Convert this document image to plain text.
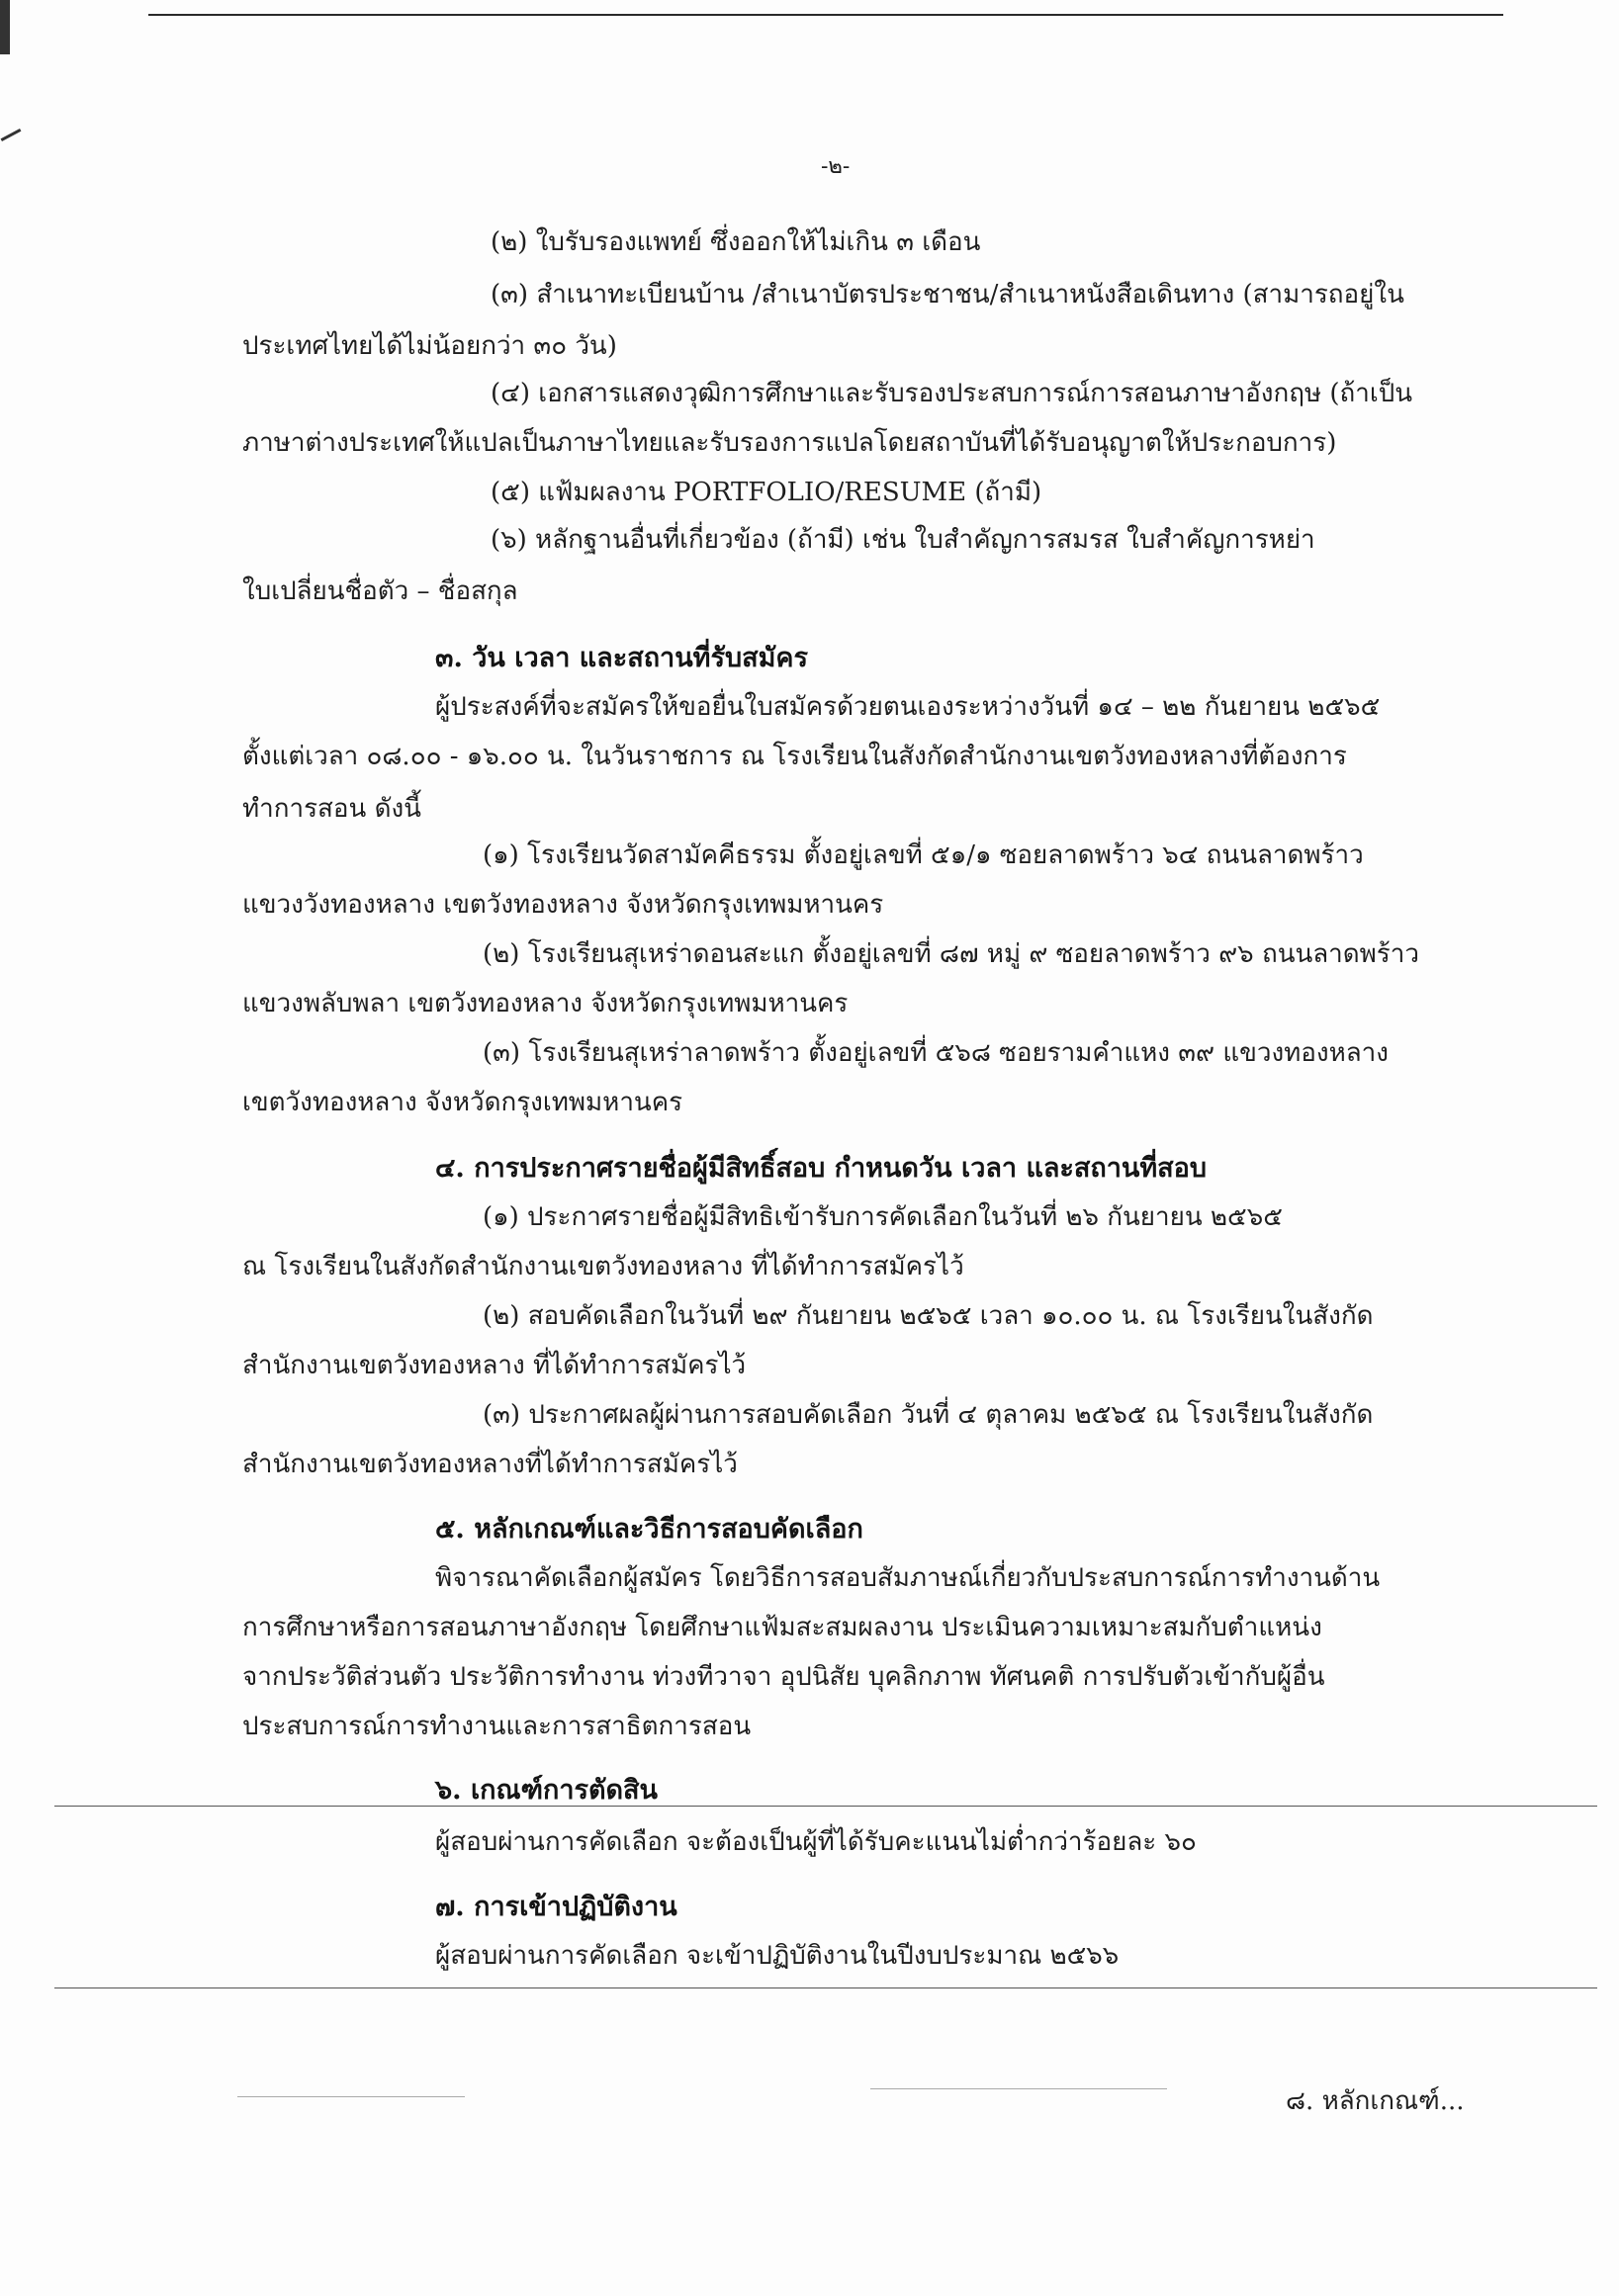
-๒-
(๒) ใบรับรองแพทย์ ซึ่งออกให้ไม่เกิน ๓ เดือน
(๓) สำเนาทะเบียนบ้าน /สำเนาบัตรประชาชน/สำเนาหนังสือเดินทาง (สามารถอยู่ใน
ประเทศไทยได้ไม่น้อยกว่า ๓๐ วัน)
(๔) เอกสารแสดงวุฒิการศึกษาและรับรองประสบการณ์การสอนภาษาอังกฤษ (ถ้าเป็น
ภาษาต่างประเทศให้แปลเป็นภาษาไทยและรับรองการแปลโดยสถาบันที่ได้รับอนุญาตให้ประกอบการ)
(๕) แฟ้มผลงาน PORTFOLIO/RESUME (ถ้ามี)
(๖) หลักฐานอื่นที่เกี่ยวข้อง (ถ้ามี) เช่น ใบสำคัญการสมรส ใบสำคัญการหย่า
ใบเปลี่ยนชื่อตัว – ชื่อสกุล
๓. วัน เวลา และสถานที่รับสมัคร
ผู้ประสงค์ที่จะสมัครให้ขอยื่นใบสมัครด้วยตนเองระหว่างวันที่ ๑๔ – ๒๒ กันยายน ๒๕๖๕
ตั้งแต่เวลา ๐๘.๐๐ - ๑๖.๐๐ น. ในวันราชการ ณ โรงเรียนในสังกัดสำนักงานเขตวังทองหลางที่ต้องการ
ทำการสอน ดังนี้
(๑) โรงเรียนวัดสามัคคีธรรม ตั้งอยู่เลขที่ ๕๑/๑ ซอยลาดพร้าว ๖๔ ถนนลาดพร้าว
แขวงวังทองหลาง เขตวังทองหลาง จังหวัดกรุงเทพมหานคร
(๒) โรงเรียนสุเหร่าดอนสะแก ตั้งอยู่เลขที่ ๘๗ หมู่ ๙ ซอยลาดพร้าว ๙๖ ถนนลาดพร้าว
แขวงพลับพลา เขตวังทองหลาง จังหวัดกรุงเทพมหานคร
(๓) โรงเรียนสุเหร่าลาดพร้าว ตั้งอยู่เลขที่ ๕๖๘ ซอยรามคำแหง ๓๙ แขวงทองหลาง
เขตวังทองหลาง จังหวัดกรุงเทพมหานคร
๔. การประกาศรายชื่อผู้มีสิทธิ์สอบ กำหนดวัน เวลา และสถานที่สอบ
(๑) ประกาศรายชื่อผู้มีสิทธิเข้ารับการคัดเลือกในวันที่ ๒๖ กันยายน ๒๕๖๕
ณ โรงเรียนในสังกัดสำนักงานเขตวังทองหลาง ที่ได้ทำการสมัครไว้
(๒) สอบคัดเลือกในวันที่ ๒๙ กันยายน ๒๕๖๕ เวลา ๑๐.๐๐ น. ณ โรงเรียนในสังกัด
สำนักงานเขตวังทองหลาง ที่ได้ทำการสมัครไว้
(๓) ประกาศผลผู้ผ่านการสอบคัดเลือก วันที่ ๔ ตุลาคม ๒๕๖๕ ณ โรงเรียนในสังกัด
สำนักงานเขตวังทองหลางที่ได้ทำการสมัครไว้
๕. หลักเกณฑ์และวิธีการสอบคัดเลือก
พิจารณาคัดเลือกผู้สมัคร โดยวิธีการสอบสัมภาษณ์เกี่ยวกับประสบการณ์การทำงานด้าน
การศึกษาหรือการสอนภาษาอังกฤษ โดยศึกษาแฟ้มสะสมผลงาน ประเมินความเหมาะสมกับตำแหน่ง
จากประวัติส่วนตัว ประวัติการทำงาน ท่วงทีวาจา อุปนิสัย บุคลิกภาพ ทัศนคติ การปรับตัวเข้ากับผู้อื่น
ประสบการณ์การทำงานและการสาธิตการสอน
๖. เกณฑ์การตัดสิน
ผู้สอบผ่านการคัดเลือก จะต้องเป็นผู้ที่ได้รับคะแนนไม่ต่ำกว่าร้อยละ ๖๐
๗. การเข้าปฏิบัติงาน
ผู้สอบผ่านการคัดเลือก จะเข้าปฏิบัติงานในปีงบประมาณ ๒๕๖๖
๘. หลักเกณฑ์...
